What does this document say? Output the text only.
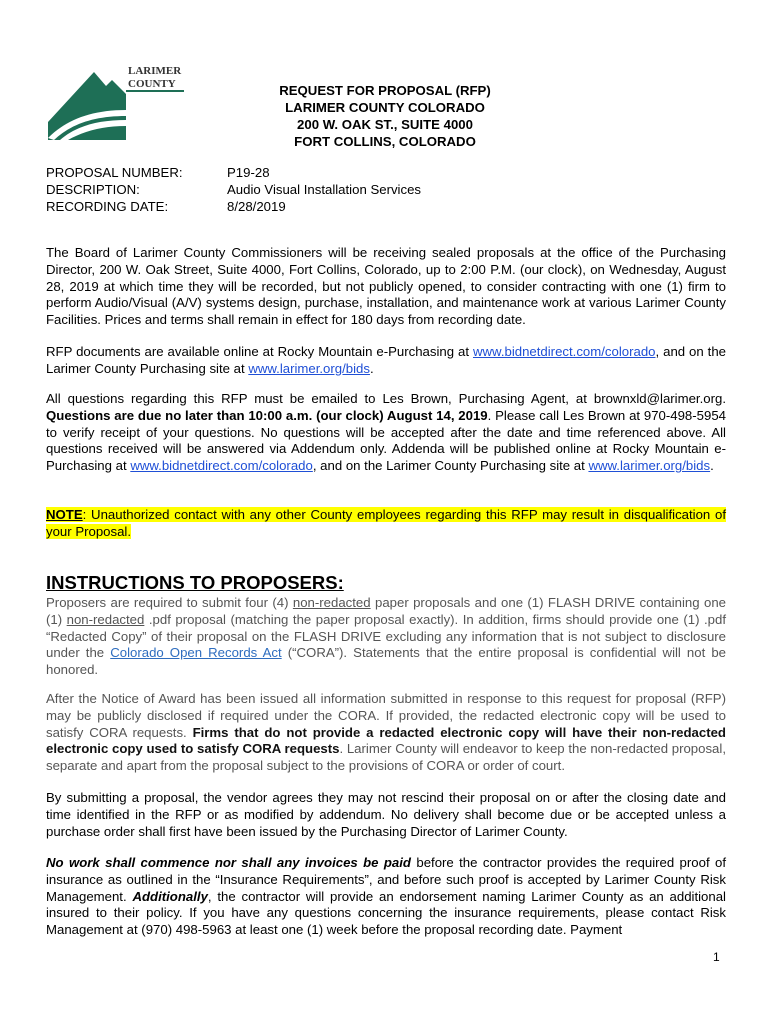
LARIMER
COUNTY	REQUEST FOR PROPOSAL (RFP)
LARIMER COUNTY COLORADO
200 W. OAK ST., SUITE 4000
FORT COLLINS, COLORADO
PROPOSAL NUMBER:
DESCRIPTION:
RECORDING DATE:
P19-28
Audio Visual Installation Services
8/28/2019

The Board of Larimer County Commissioners will be receiving sealed proposals at the office of the Purchasing Director, 200 W. Oak Street, Suite 4000, Fort Collins, Colorado, up to 2:00 P.M. (our clock), on Wednesday, August 28, 2019 at which time they will be recorded, but not publicly opened, to consider contracting with one (1) firm to perform Audio/Visual (A/V) systems design, purchase, installation, and maintenance work at various Larimer County Facilities. Prices and terms shall remain in effect for 180 days from recording date.

RFP documents are available online at Rocky Mountain e-Purchasing at www.bidnetdirect.com/colorado, and on the Larimer County Purchasing site at www.larimer.org/bids.

All questions regarding this RFP must be emailed to Les Brown, Purchasing Agent, at brownxld@larimer.org. Questions are due no later than 10:00 a.m. (our clock) August 14, 2019. Please call Les Brown at 970-498-5954 to verify receipt of your questions. No questions will be accepted after the date and time referenced above. All questions received will be answered via Addendum only. Addenda will be published online at Rocky Mountain e-Purchasing at www.bidnetdirect.com/colorado, and on the Larimer County Purchasing site at www.larimer.org/bids.

NOTE: Unauthorized contact with any other County employees regarding this RFP may result in disqualification of your Proposal.

INSTRUCTIONS TO PROPOSERS:

Proposers are required to submit four (4) non-redacted paper proposals and one (1) FLASH DRIVE containing one (1) non-redacted .pdf proposal (matching the paper proposal exactly). In addition, firms should provide one (1) .pdf “Redacted Copy” of their proposal on the FLASH DRIVE excluding any information that is not subject to disclosure under the Colorado Open Records Act (“CORA”). Statements that the entire proposal is confidential will not be honored.

After the Notice of Award has been issued all information submitted in response to this request for proposal (RFP) may be publicly disclosed if required under the CORA. If provided, the redacted electronic copy will be used to satisfy CORA requests. Firms that do not provide a redacted electronic copy will have their non-redacted electronic copy used to satisfy CORA requests. Larimer County will endeavor to keep the non-redacted proposal, separate and apart from the proposal subject to the provisions of CORA or order of court.

By submitting a proposal, the vendor agrees they may not rescind their proposal on or after the closing date and time identified in the RFP or as modified by addendum. No delivery shall become due or be accepted unless a purchase order shall first have been issued by the Purchasing Director of Larimer County.

No work shall commence nor shall any invoices be paid before the contractor provides the required proof of insurance as outlined in the “Insurance Requirements”, and before such proof is accepted by Larimer County Risk Management. Additionally, the contractor will provide an endorsement naming Larimer County as an additional insured to their policy. If you have any questions concerning the insurance requirements, please contact Risk Management at (970) 498-5963 at least one (1) week before the proposal recording date. Payment

1
